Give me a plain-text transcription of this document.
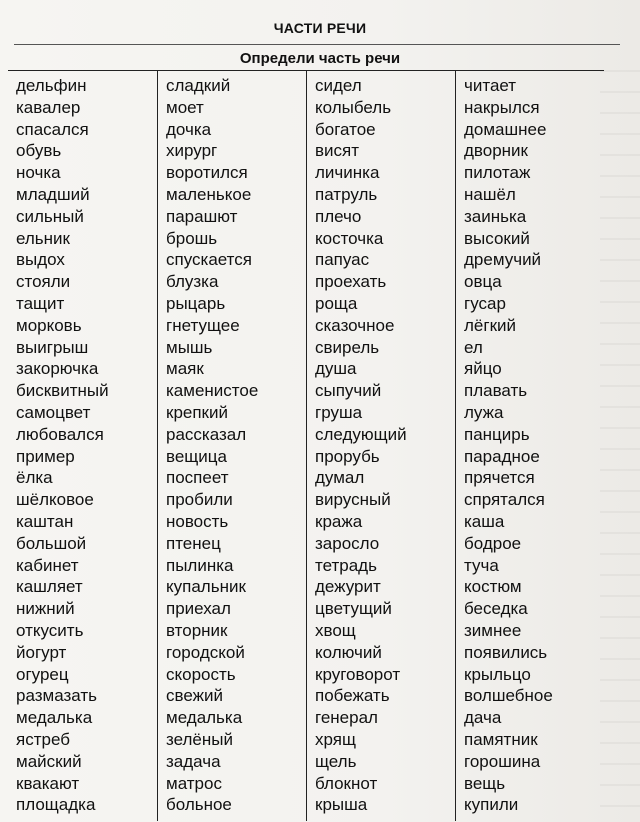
ЧАСТИ РЕЧИ
Определи часть речи
дельфин
кавалер
спасался
обувь
ночка
младший
сильный
ельник
выдох
стояли
тащит
морковь
выигрыш
закорючка
бисквитный
самоцвет
любовался
пример
ёлка
шёлковое
каштан
большой
кабинет
кашляет
нижний
откусить
йогурт
огурец
размазать
медалька
ястреб
майский
квакают
площадка
сладкий
моет
дочка
хирург
воротился
маленькое
парашют
брошь
спускается
блузка
рыцарь
гнетущее
мышь
маяк
каменистое
крепкий
рассказал
вещица
поспеет
пробили
новость
птенец
пылинка
купальник
приехал
вторник
городской
скорость
свежий
медалька
зелёный
задача
матрос
больное
сидел
колыбель
богатое
висят
личинка
патруль
плечо
косточка
папуас
проехать
роща
сказочное
свирель
душа
сыпучий
груша
следующий
прорубь
думал
вирусный
кража
заросло
тетрадь
дежурит
цветущий
хвощ
колючий
круговорот
побежать
генерал
хрящ
щель
блокнот
крыша
читает
накрылся
домашнее
дворник
пилотаж
нашёл
заинька
высокий
дремучий
овца
гусар
лёгкий
ел
яйцо
плавать
лужа
панцирь
парадное
прячется
спрятался
каша
бодрое
туча
костюм
беседка
зимнее
появились
крыльцо
волшебное
дача
памятник
горошина
вещь
купили
